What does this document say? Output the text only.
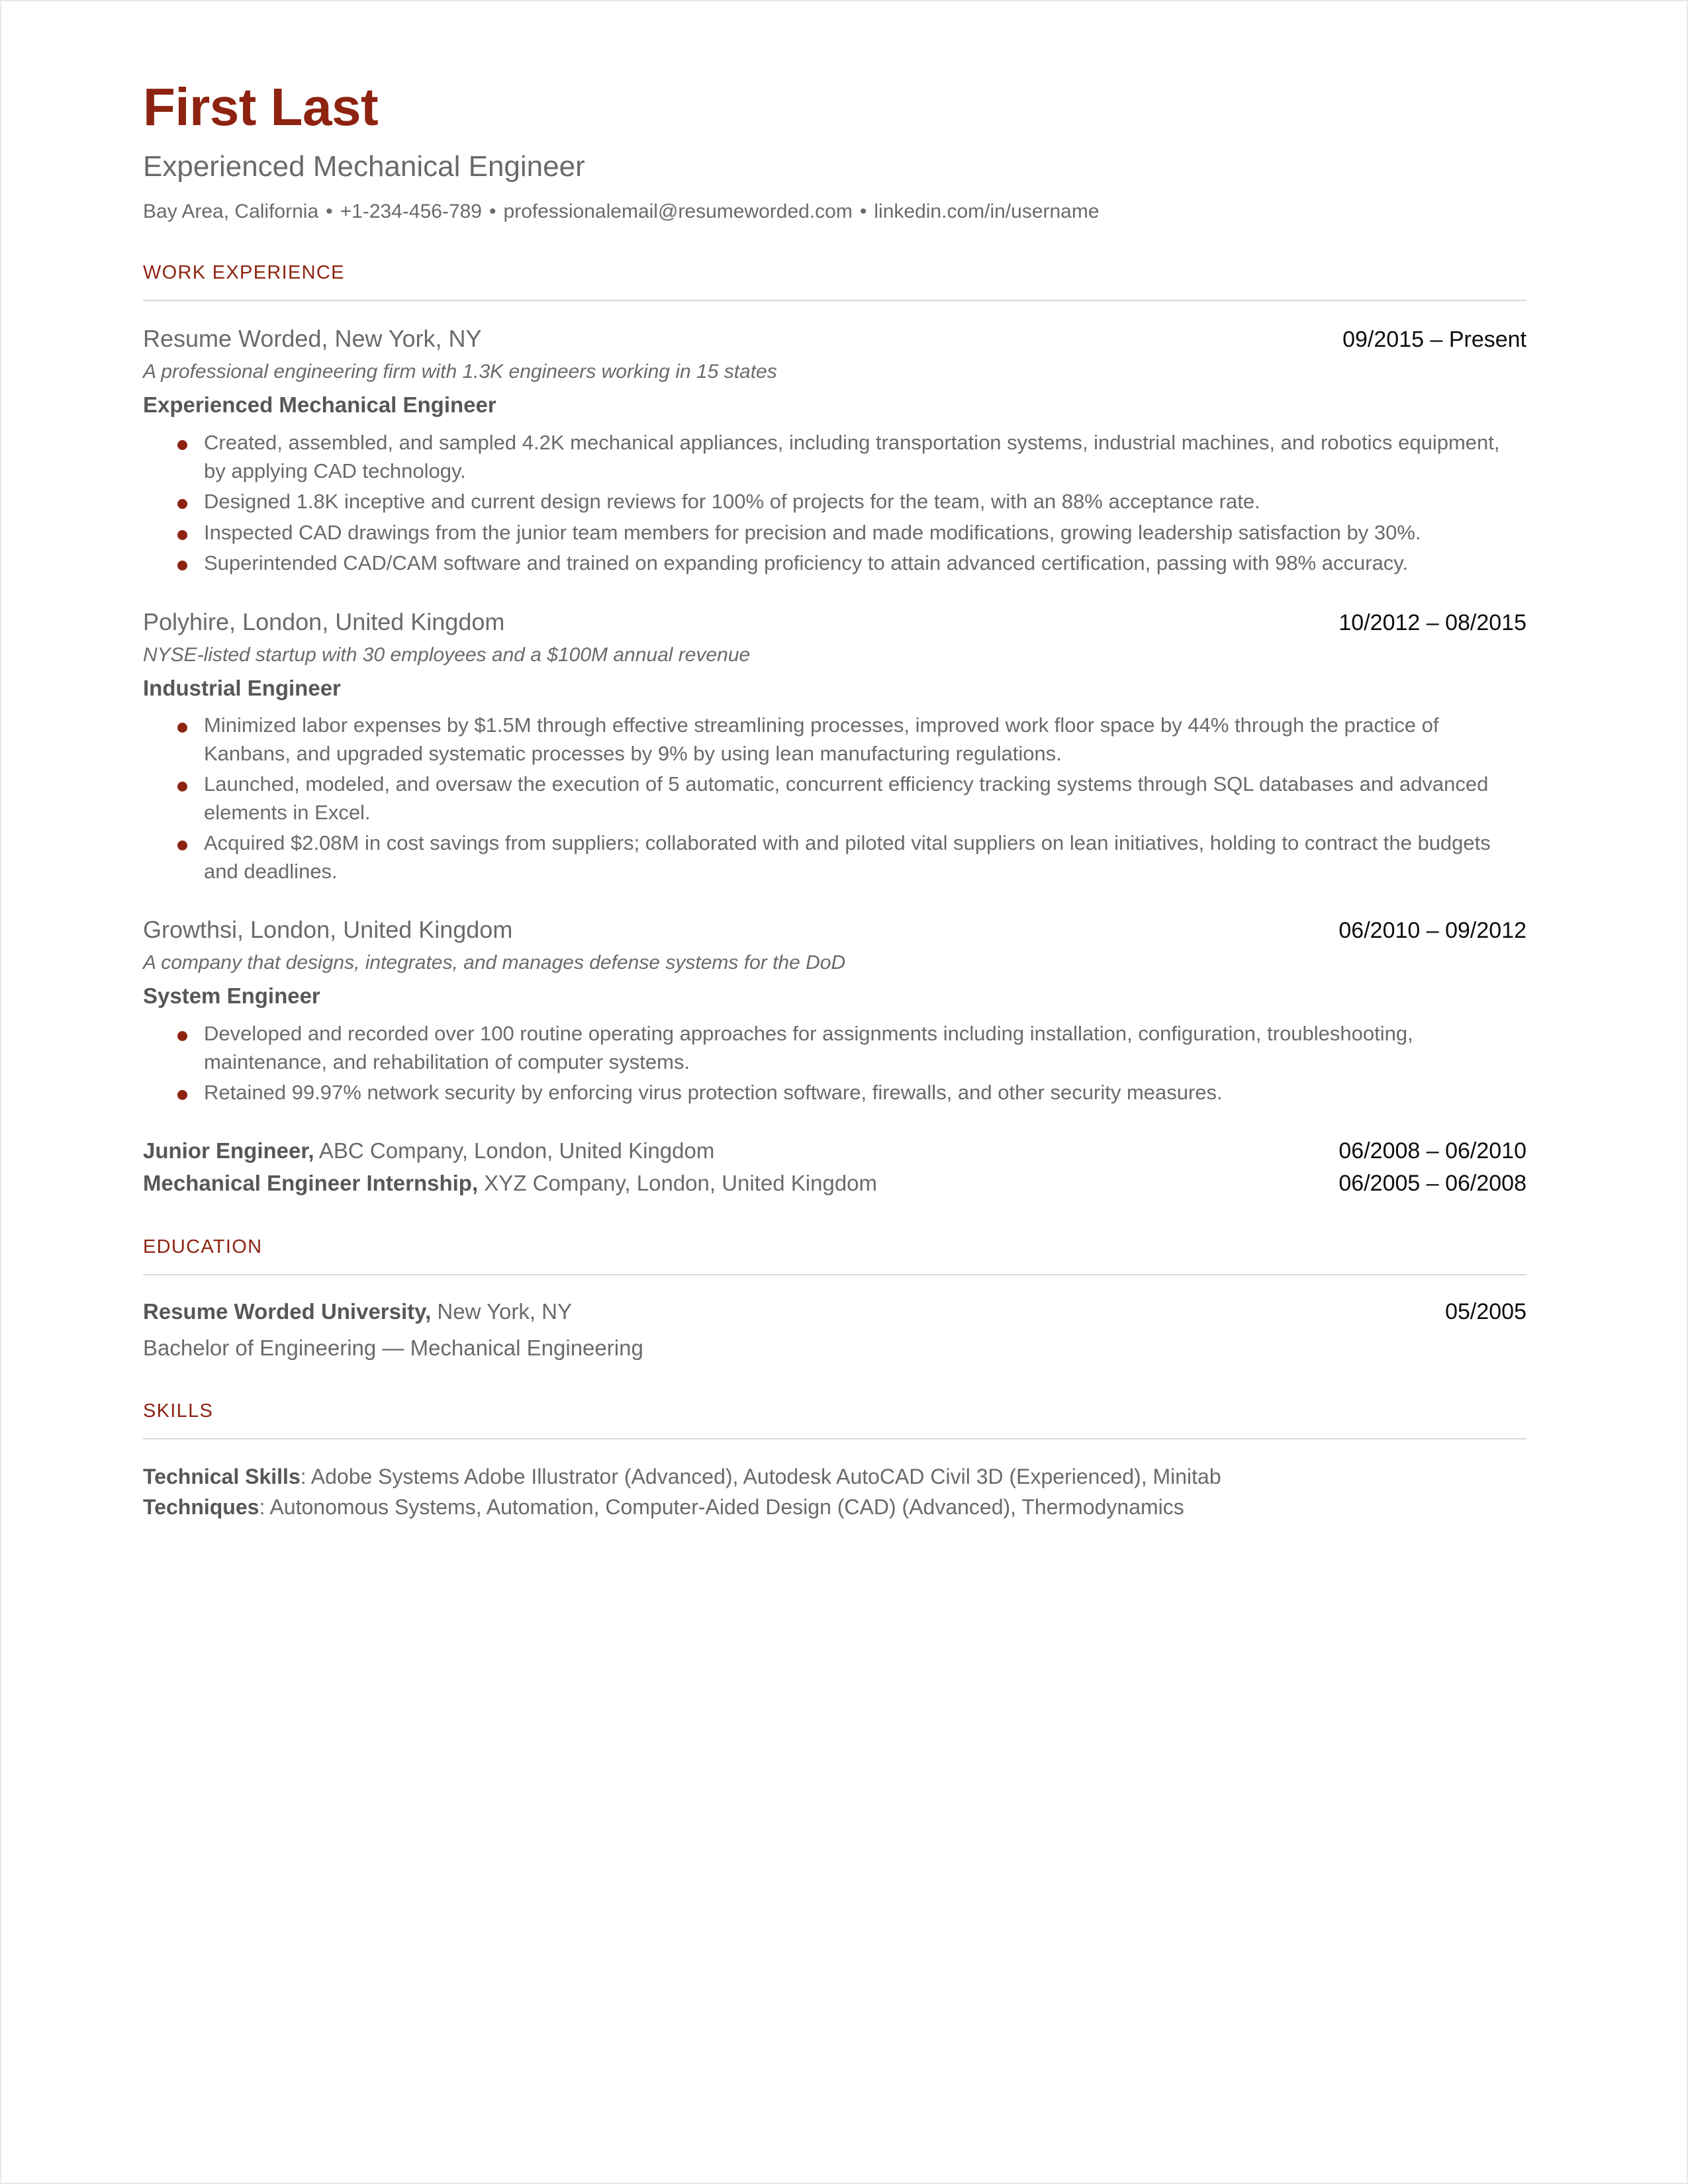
First Last
Experienced Mechanical Engineer
Bay Area, California • +1-234-456-789 • professionalemail@resumeworded.com • linkedin.com/in/username
WORK EXPERIENCE
Resume Worded, New York, NY	09/2015 – Present
A professional engineering firm with 1.3K engineers working in 15 states
Experienced Mechanical Engineer
Created, assembled, and sampled 4.2K mechanical appliances, including transportation systems, industrial machines, and robotics equipment, by applying CAD technology.
Designed 1.8K inceptive and current design reviews for 100% of projects for the team, with an 88% acceptance rate.
Inspected CAD drawings from the junior team members for precision and made modifications, growing leadership satisfaction by 30%.
Superintended CAD/CAM software and trained on expanding proficiency to attain advanced certification, passing with 98% accuracy.
Polyhire, London, United Kingdom	10/2012 – 08/2015
NYSE-listed startup with 30 employees and a $100M annual revenue
Industrial Engineer
Minimized labor expenses by $1.5M through effective streamlining processes, improved work floor space by 44% through the practice of Kanbans, and upgraded systematic processes by 9% by using lean manufacturing regulations.
Launched, modeled, and oversaw the execution of 5 automatic, concurrent efficiency tracking systems through SQL databases and advanced elements in Excel.
Acquired $2.08M in cost savings from suppliers; collaborated with and piloted vital suppliers on lean initiatives, holding to contract the budgets and deadlines.
Growthsi, London, United Kingdom	06/2010 – 09/2012
A company that designs, integrates, and manages defense systems for the DoD
System Engineer
Developed and recorded over 100 routine operating approaches for assignments including installation, configuration, troubleshooting, maintenance, and rehabilitation of computer systems.
Retained 99.97% network security by enforcing virus protection software, firewalls, and other security measures.
Junior Engineer, ABC Company, London, United Kingdom	06/2008 – 06/2010
Mechanical Engineer Internship, XYZ Company, London, United Kingdom	06/2005 – 06/2008
EDUCATION
Resume Worded University, New York, NY	05/2005
Bachelor of Engineering — Mechanical Engineering
SKILLS
Technical Skills: Adobe Systems Adobe Illustrator (Advanced), Autodesk AutoCAD Civil 3D (Experienced), Minitab
Techniques: Autonomous Systems, Automation, Computer-Aided Design (CAD) (Advanced), Thermodynamics
